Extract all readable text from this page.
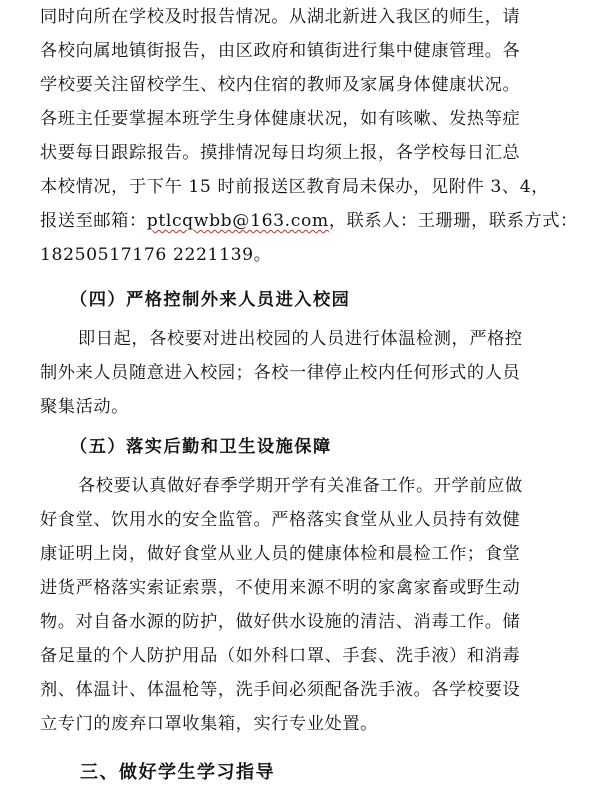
同时向所在学校及时报告情况。从湖北新进入我区的师生，请
各校向属地镇街报告，由区政府和镇街进行集中健康管理。各
学校要关注留校学生、校内住宿的教师及家属身体健康状况。
各班主任要掌握本班学生身体健康状况，如有咳嗽、发热等症
状要每日跟踪报告。摸排情况每日均须上报，各学校每日汇总
本校情况，于下午 15 时前报送区教育局未保办，见附件 3、4，
报送至邮箱：ptlcqwbb@163.com，联系人：王珊珊，联系方式：
18250517176 2221139。
（四）严格控制外来人员进入校园
即日起，各校要对进出校园的人员进行体温检测，严格控
制外来人员随意进入校园；各校一律停止校内任何形式的人员
聚集活动。
（五）落实后勤和卫生设施保障
各校要认真做好春季学期开学有关准备工作。开学前应做
好食堂、饮用水的安全监管。严格落实食堂从业人员持有效健
康证明上岗，做好食堂从业人员的健康体检和晨检工作；食堂
进货严格落实索证索票，不使用来源不明的家禽家畜或野生动
物。对自备水源的防护，做好供水设施的清洁、消毒工作。储
备足量的个人防护用品（如外科口罩、手套、洗手液）和消毒
剂、体温计、体温枪等，洗手间必须配备洗手液。各学校要设
立专门的废弃口罩收集箱，实行专业处置。
三、做好学生学习指导
